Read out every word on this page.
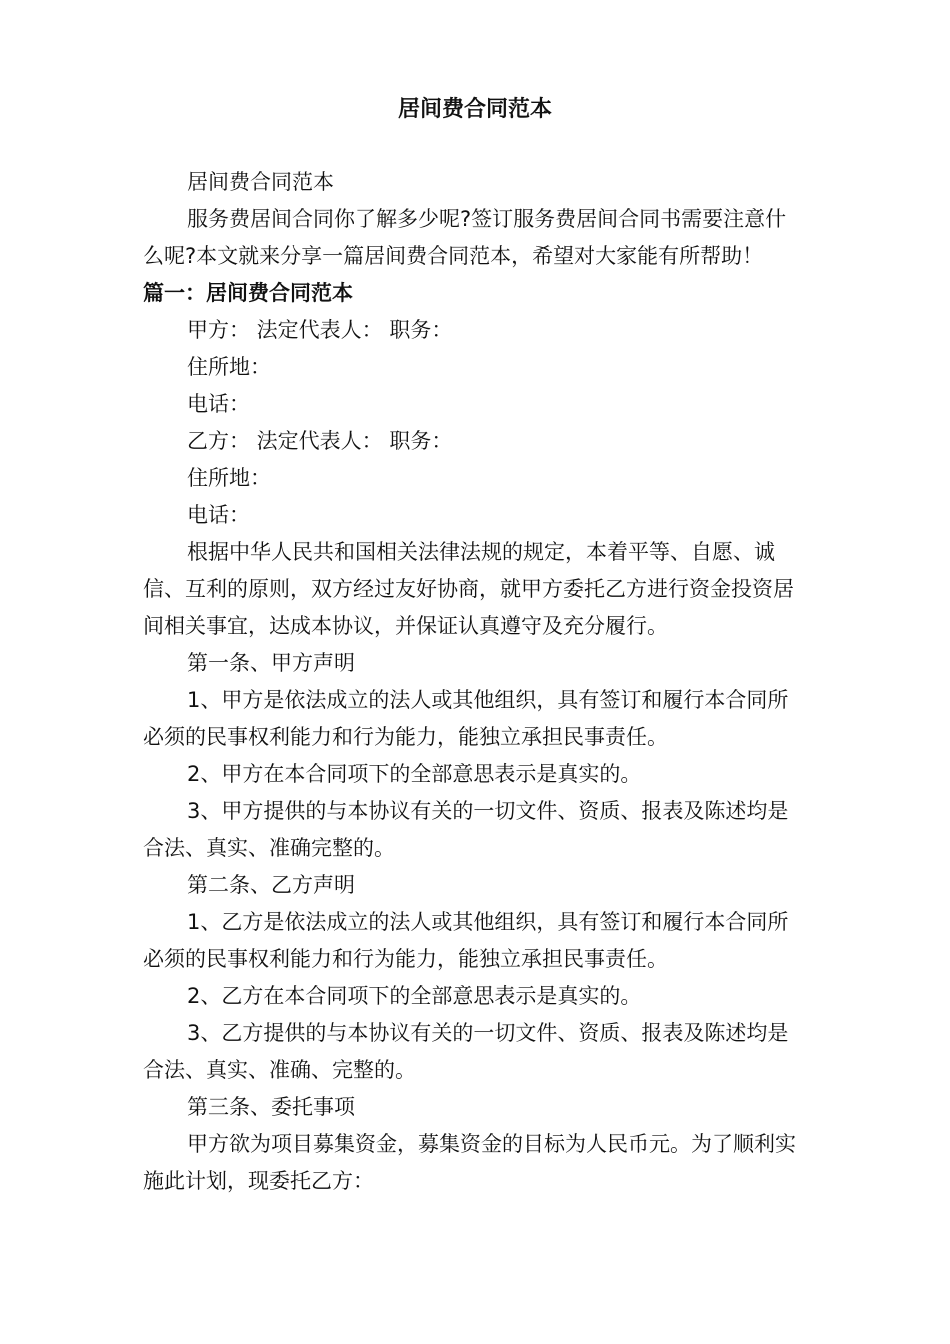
居间费合同范本

居间费合同范本

服务费居间合同你了解多少呢?签订服务费居间合同书需要注意什么呢?本文就来分享一篇居间费合同范本，希望对大家能有所帮助！

篇一：居间费合同范本

甲方： 法定代表人： 职务：

住所地：

电话：

乙方： 法定代表人： 职务：

住所地：

电话：

根据中华人民共和国相关法律法规的规定，本着平等、自愿、诚信、互利的原则，双方经过友好协商，就甲方委托乙方进行资金投资居间相关事宜，达成本协议，并保证认真遵守及充分履行。

第一条、甲方声明

1、甲方是依法成立的法人或其他组织，具有签订和履行本合同所必须的民事权利能力和行为能力，能独立承担民事责任。

2、甲方在本合同项下的全部意思表示是真实的。

3、甲方提供的与本协议有关的一切文件、资质、报表及陈述均是合法、真实、准确完整的。

第二条、乙方声明

1、乙方是依法成立的法人或其他组织，具有签订和履行本合同所必须的民事权利能力和行为能力，能独立承担民事责任。

2、乙方在本合同项下的全部意思表示是真实的。

3、乙方提供的与本协议有关的一切文件、资质、报表及陈述均是合法、真实、准确、完整的。

第三条、委托事项

甲方欲为项目募集资金，募集资金的目标为人民币元。为了顺利实施此计划，现委托乙方：
